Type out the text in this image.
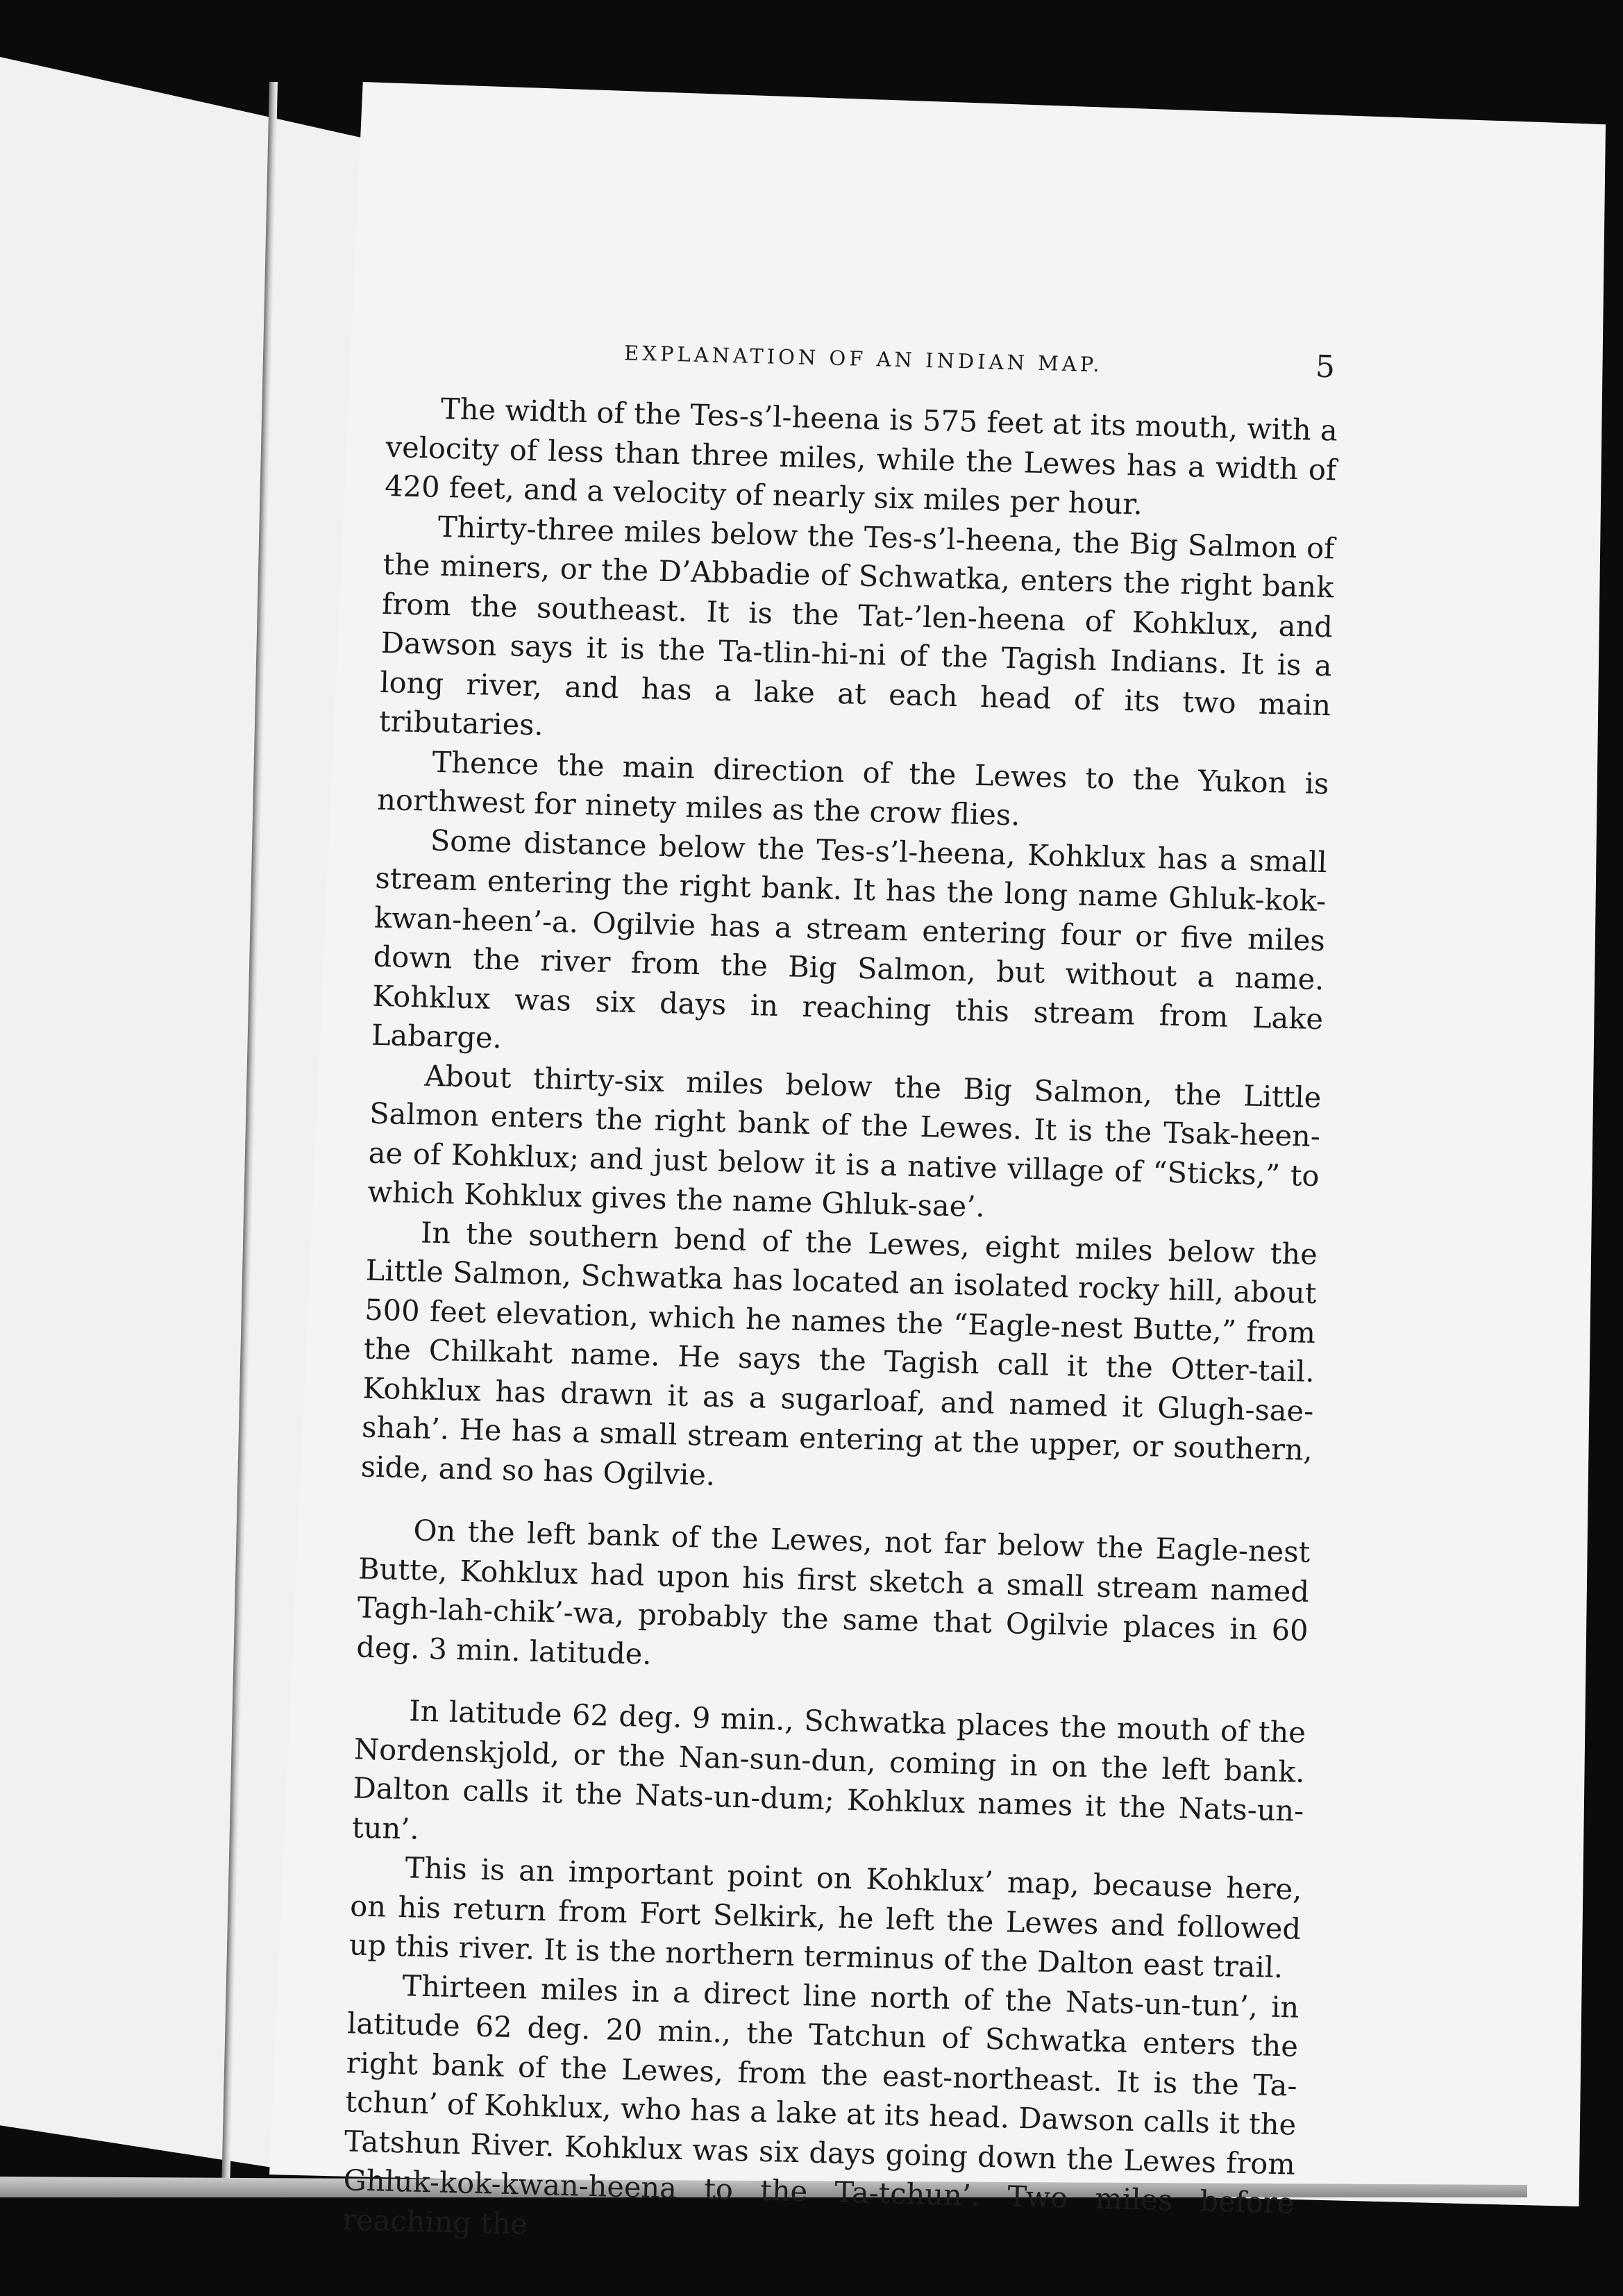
EXPLANATION OF AN INDIAN MAP.	5

The width of the Tes-s’l-heena is 575 feet at its mouth, with a velocity of less than three miles, while the Lewes has a width of 420 feet, and a velocity of nearly six miles per hour.

Thirty-three miles below the Tes-s’l-heena, the Big Salmon of the miners, or the D’Abbadie of Schwatka, enters the right bank from the southeast. It is the Tat-’len-heena of Kohklux, and Dawson says it is the Ta-tlin-hi-ni of the Tagish Indians. It is a long river, and has a lake at each head of its two main tributaries.

Thence the main direction of the Lewes to the Yukon is northwest for ninety miles as the crow flies.

Some distance below the Tes-s’l-heena, Kohklux has a small stream entering the right bank. It has the long name Ghluk-kok-kwan-heen’-a. Ogilvie has a stream entering four or five miles down the river from the Big Salmon, but without a name. Kohklux was six days in reaching this stream from Lake Labarge.

About thirty-six miles below the Big Salmon, the Little Salmon enters the right bank of the Lewes. It is the Tsak-heen-ae of Kohklux; and just below it is a native village of “Sticks,” to which Kohklux gives the name Ghluk-sae’.

In the southern bend of the Lewes, eight miles below the Little Salmon, Schwatka has located an isolated rocky hill, about 500 feet elevation, which he names the “Eagle-nest Butte,” from the Chilkaht name. He says the Tagish call it the Otter-tail. Kohklux has drawn it as a sugarloaf, and named it Glugh-sae-shah’. He has a small stream entering at the upper, or southern, side, and so has Ogilvie.

On the left bank of the Lewes, not far below the Eagle-nest Butte, Kohklux had upon his first sketch a small stream named Tagh-lah-chik’-wa, probably the same that Ogilvie places in 60 deg. 3 min. latitude.

In latitude 62 deg. 9 min., Schwatka places the mouth of the Nordenskjold, or the Nan-sun-dun, coming in on the left bank. Dalton calls it the Nats-un-dum; Kohklux names it the Nats-un-tun’.

This is an important point on Kohklux’ map, because here, on his return from Fort Selkirk, he left the Lewes and followed up this river. It is the northern terminus of the Dalton east trail.

Thirteen miles in a direct line north of the Nats-un-tun’, in latitude 62 deg. 20 min., the Tatchun of Schwatka enters the right bank of the Lewes, from the east-northeast. It is the Ta-tchun’ of Kohklux, who has a lake at its head. Dawson calls it the Tatshun River. Kohklux was six days going down the Lewes from Ghluk-kok-kwan-heena to the Ta-tchun’. Two miles before reaching the
